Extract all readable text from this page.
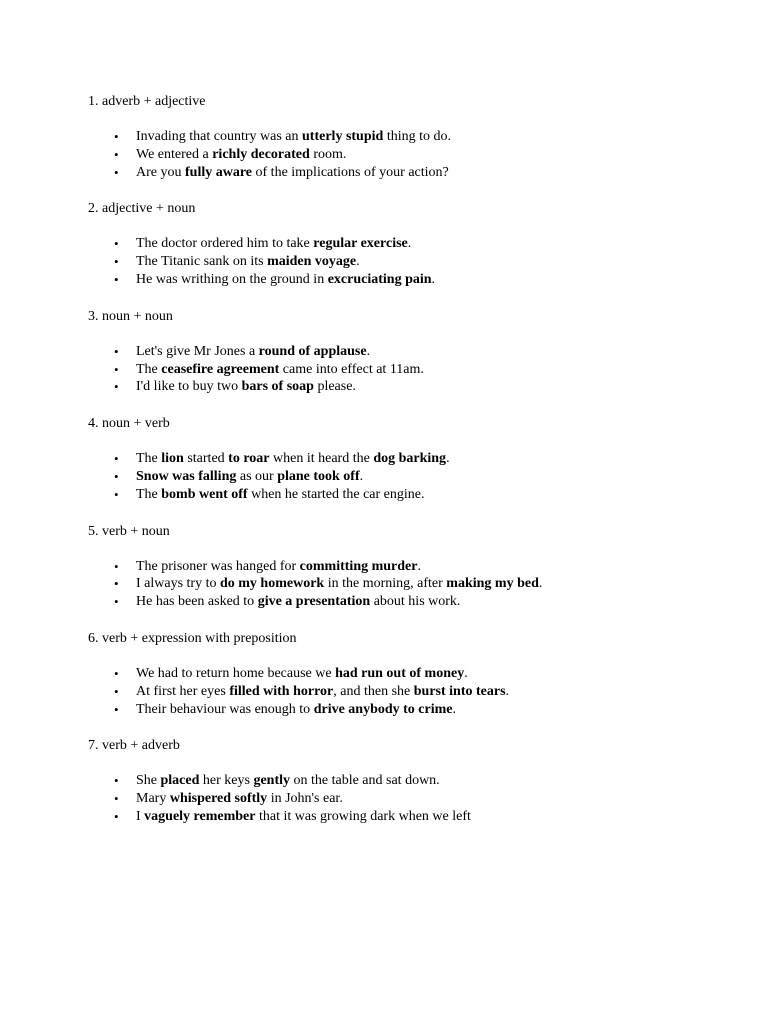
1. adverb + adjective
• Invading that country was an utterly stupid thing to do.
• We entered a richly decorated room.
• Are you fully aware of the implications of your action?
2. adjective + noun
• The doctor ordered him to take regular exercise.
• The Titanic sank on its maiden voyage.
• He was writhing on the ground in excruciating pain.
3. noun + noun
• Let's give Mr Jones a round of applause.
• The ceasefire agreement came into effect at 11am.
• I'd like to buy two bars of soap please.
4. noun + verb
• The lion started to roar when it heard the dog barking.
• Snow was falling as our plane took off.
• The bomb went off when he started the car engine.
5. verb + noun
• The prisoner was hanged for committing murder.
• I always try to do my homework in the morning, after making my bed.
• He has been asked to give a presentation about his work.
6. verb + expression with preposition
• We had to return home because we had run out of money.
• At first her eyes filled with horror, and then she burst into tears.
• Their behaviour was enough to drive anybody to crime.
7. verb + adverb
• She placed her keys gently on the table and sat down.
• Mary whispered softly in John's ear.
• I vaguely remember that it was growing dark when we left
